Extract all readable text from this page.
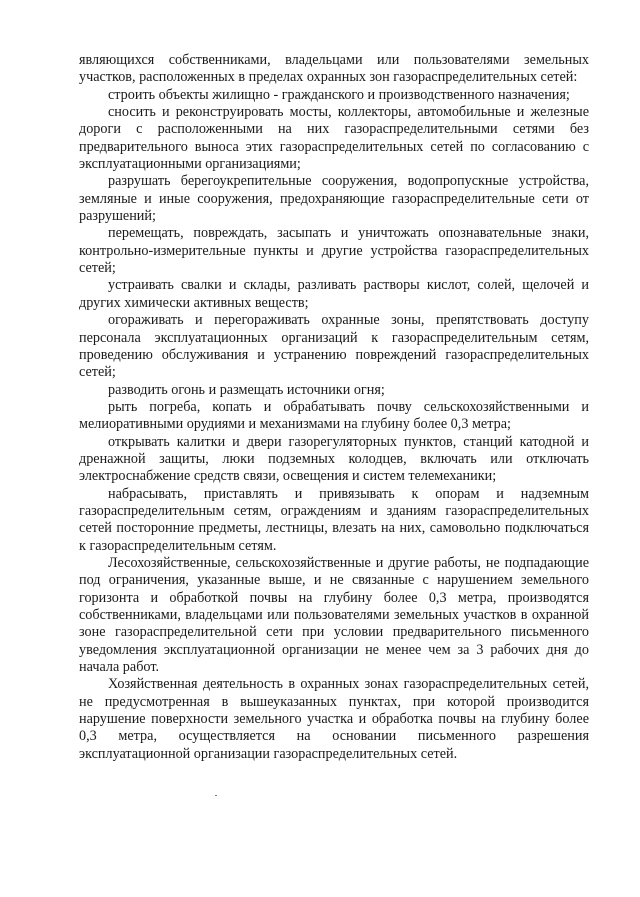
являющихся собственниками, владельцами или пользователями земельных участков, расположенных в пределах охранных зон газораспределительных сетей:

строить объекты жилищно - гражданского и производственного назначения;

сносить и реконструировать мосты, коллекторы, автомобильные и железные дороги с расположенными на них газораспределительными сетями без предварительного выноса этих газораспределительных сетей по согласованию с эксплуатационными организациями;

разрушать берегоукрепительные сооружения, водопропускные устройства, земляные и иные сооружения, предохраняющие газораспределительные сети от разрушений;

перемещать, повреждать, засыпать и уничтожать опознавательные знаки, контрольно-измерительные пункты и другие устройства газораспределительных сетей;

устраивать свалки и склады, разливать растворы кислот, солей, щелочей и других химически активных веществ;

огораживать и перегораживать охранные зоны, препятствовать доступу персонала эксплуатационных организаций к газораспределительным сетям, проведению обслуживания и устранению повреждений газораспределительных сетей;

разводить огонь и размещать источники огня;

рыть погреба, копать и обрабатывать почву сельскохозяйственными и мелиоративными орудиями и механизмами на глубину более 0,3 метра;

открывать калитки и двери газорегуляторных пунктов, станций катодной и дренажной защиты, люки подземных колодцев, включать или отключать электроснабжение средств связи, освещения и систем телемеханики;

набрасывать, приставлять и привязывать к опорам и надземным газораспределительным сетям, ограждениям и зданиям газораспределительных сетей посторонние предметы, лестницы, влезать на них, самовольно подключаться к газораспределительным сетям.

Лесохозяйственные, сельскохозяйственные и другие работы, не подпадающие под ограничения, указанные выше, и не связанные с нарушением земельного горизонта и обработкой почвы на глубину более 0,3 метра, производятся собственниками, владельцами или пользователями земельных участков в охранной зоне газораспределительной сети при условии предварительного письменного уведомления эксплуатационной организации не менее чем за 3 рабочих дня до начала работ.

Хозяйственная деятельность в охранных зонах газораспределительных сетей, не предусмотренная в вышеуказанных пунктах, при которой производится нарушение поверхности земельного участка и обработка почвы на глубину более 0,3 метра, осуществляется на основании письменного разрешения эксплуатационной организации газораспределительных сетей.
